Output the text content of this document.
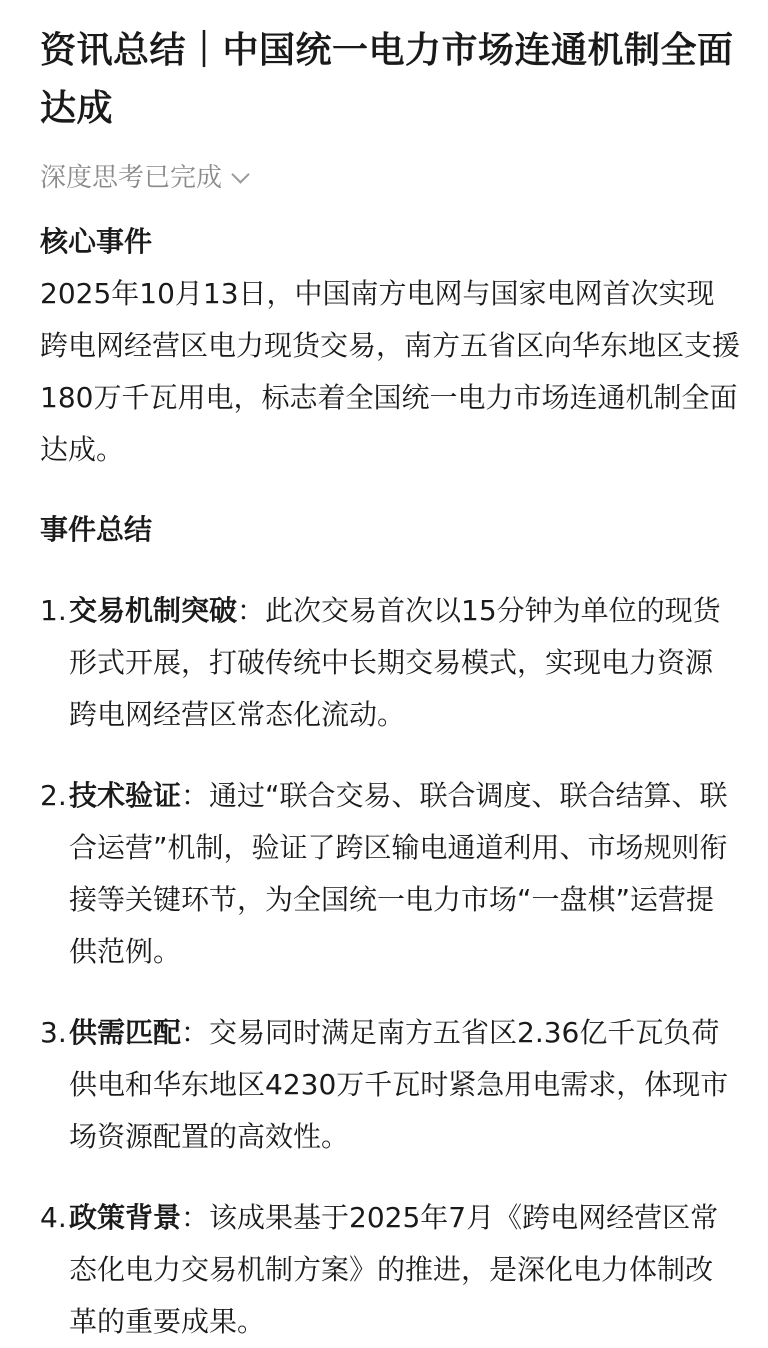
资讯总结｜中国统一电力市场连通机制全面达成
深度思考已完成
核心事件

2025年10月13日，中国南方电网与国家电网首次实现跨电网经营区电力现货交易，南方五省区向华东地区支援180万千瓦用电，标志着全国统一电力市场连通机制全面达成。

事件总结
1. 交易机制突破：此次交易首次以15分钟为单位的现货形式开展，打破传统中长期交易模式，实现电力资源跨电网经营区常态化流动。
2. 技术验证：通过“联合交易、联合调度、联合结算、联合运营”机制，验证了跨区输电通道利用、市场规则衔接等关键环节，为全国统一电力市场“一盘棋”运营提供范例。
3. 供需匹配：交易同时满足南方五省区2.36亿千瓦负荷供电和华东地区4230万千瓦时紧急用电需求，体现市场资源配置的高效性。
4. 政策背景：该成果基于2025年7月《跨电网经营区常态化电力交易机制方案》的推进，是深化电力体制改革的重要成果。
